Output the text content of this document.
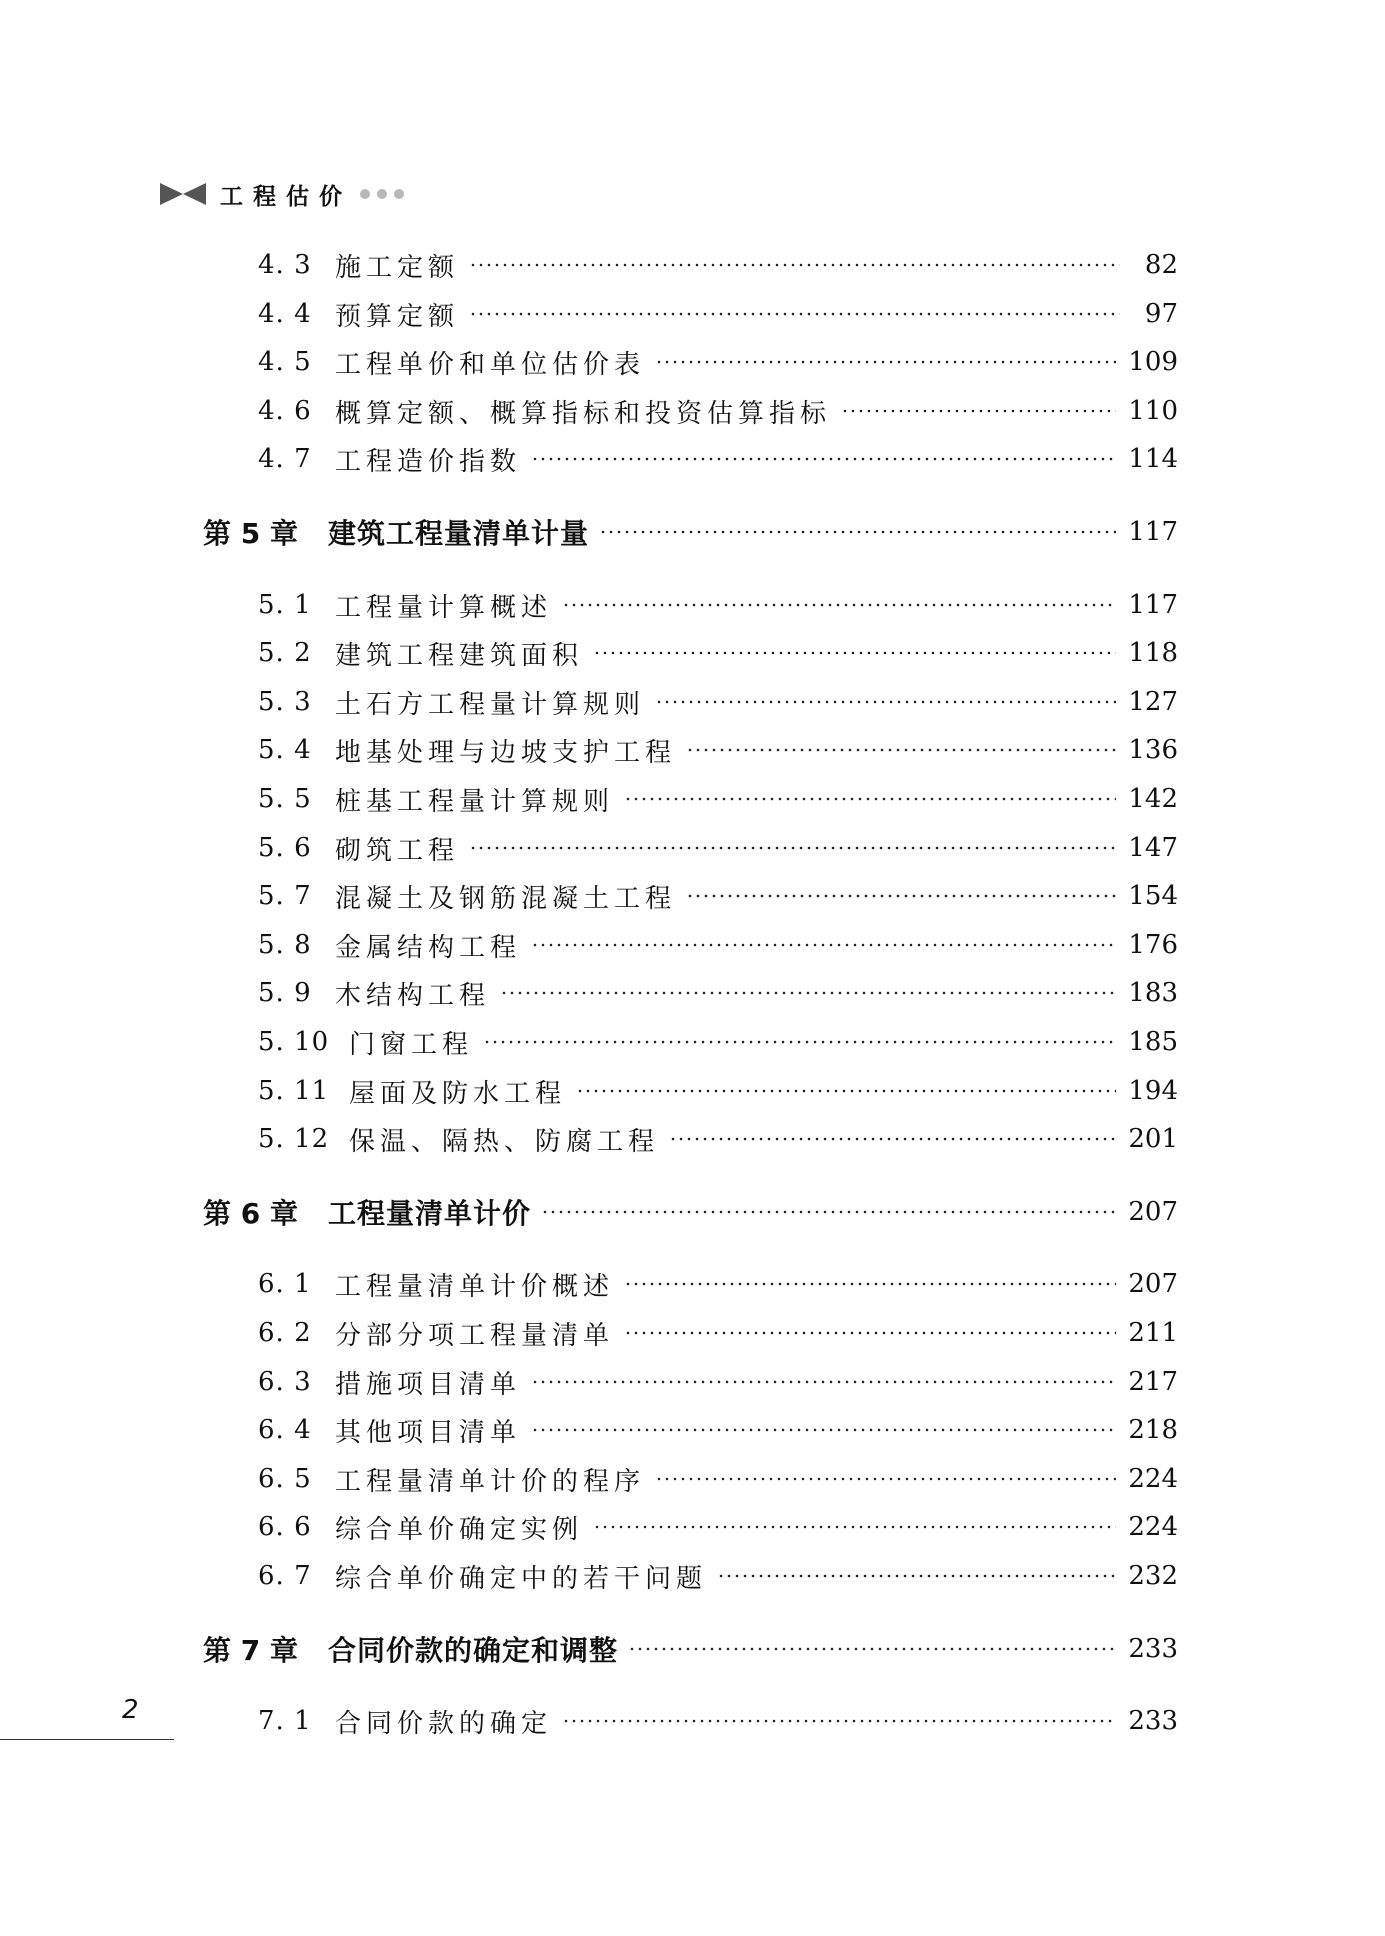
工程估价
4. 3 施工定额	82
4. 4 预算定额	97
4. 5 工程单价和单位估价表	109
4. 6 概算定额、概算指标和投资估算指标	110
4. 7 工程造价指数	114
第 5 章	建筑工程量清单计量	117
5. 1 工程量计算概述	117
5. 2 建筑工程建筑面积	118
5. 3 土石方工程量计算规则	127
5. 4 地基处理与边坡支护工程	136
5. 5 桩基工程量计算规则	142
5. 6 砌筑工程	147
5. 7 混凝土及钢筋混凝土工程	154
5. 8 金属结构工程	176
5. 9 木结构工程	183
5. 10 门窗工程	185
5. 11 屋面及防水工程	194
5. 12 保温、隔热、防腐工程	201
第 6 章	工程量清单计价	207
6. 1 工程量清单计价概述	207
6. 2 分部分项工程量清单	211
6. 3 措施项目清单	217
6. 4 其他项目清单	218
6. 5 工程量清单计价的程序	224
6. 6 综合单价确定实例	224
6. 7 综合单价确定中的若干问题	232
第 7 章	合同价款的确定和调整	233
7. 1 合同价款的确定	233
2
